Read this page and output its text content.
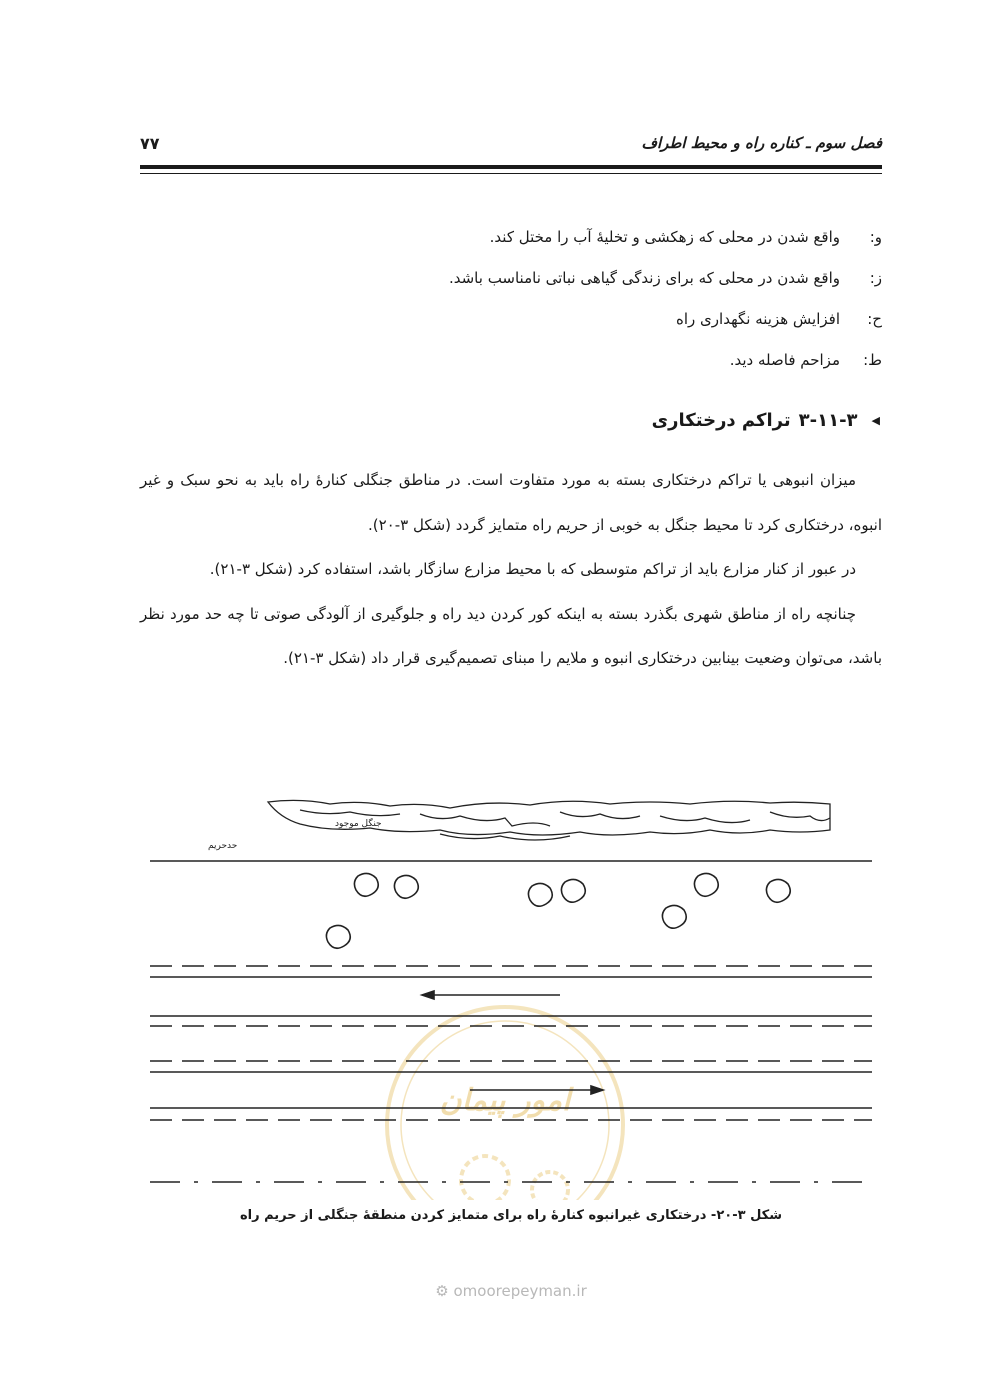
فصل سوم ـ کناره راه و محیط اطراف
۷۷
و:
واقع شدن در محلی که زهکشی و تخلیهٔ آب را مختل کند.
ز:
واقع شدن در محلی که برای زندگی گیاهی نباتی نامناسب باشد.
ح:
افزایش هزینه نگهداری راه
ط:
مزاحم فاصله دید.
◀
۳-۱۱-۳
تراکم درختکاری

میزان انبوهی یا تراکم درختکاری بسته به مورد متفاوت است. در مناطق جنگلی کنارهٔ راه باید به نحو سبک و غیر انبوه، درختکاری کرد تا محیط جنگل به خوبی از حریم راه متمایز گردد (شکل ۳-۲۰).

در عبور از کنار مزارع باید از تراکم متوسطی که با محیط مزارع سازگار باشد، استفاده کرد (شکل ۳-۲۱).

چنانچه راه از مناطق شهری بگذرد بسته به اینکه کور کردن دید راه و جلوگیری از آلودگی صوتی تا چه حد مورد نظر باشد، می‌توان وضعیت بینابین درختکاری انبوه و ملایم را مبنای تصمیم‌گیری قرار داد (شکل ۳-۲۱).

امور پیمان
جنگل موجود
حدحریم
شکل ۳-۲۰- درختکاری غیرانبوه کنارهٔ راه برای متمایز کردن منطقهٔ جنگلی از حریم راه
⚙ omoorepeyman.ir
